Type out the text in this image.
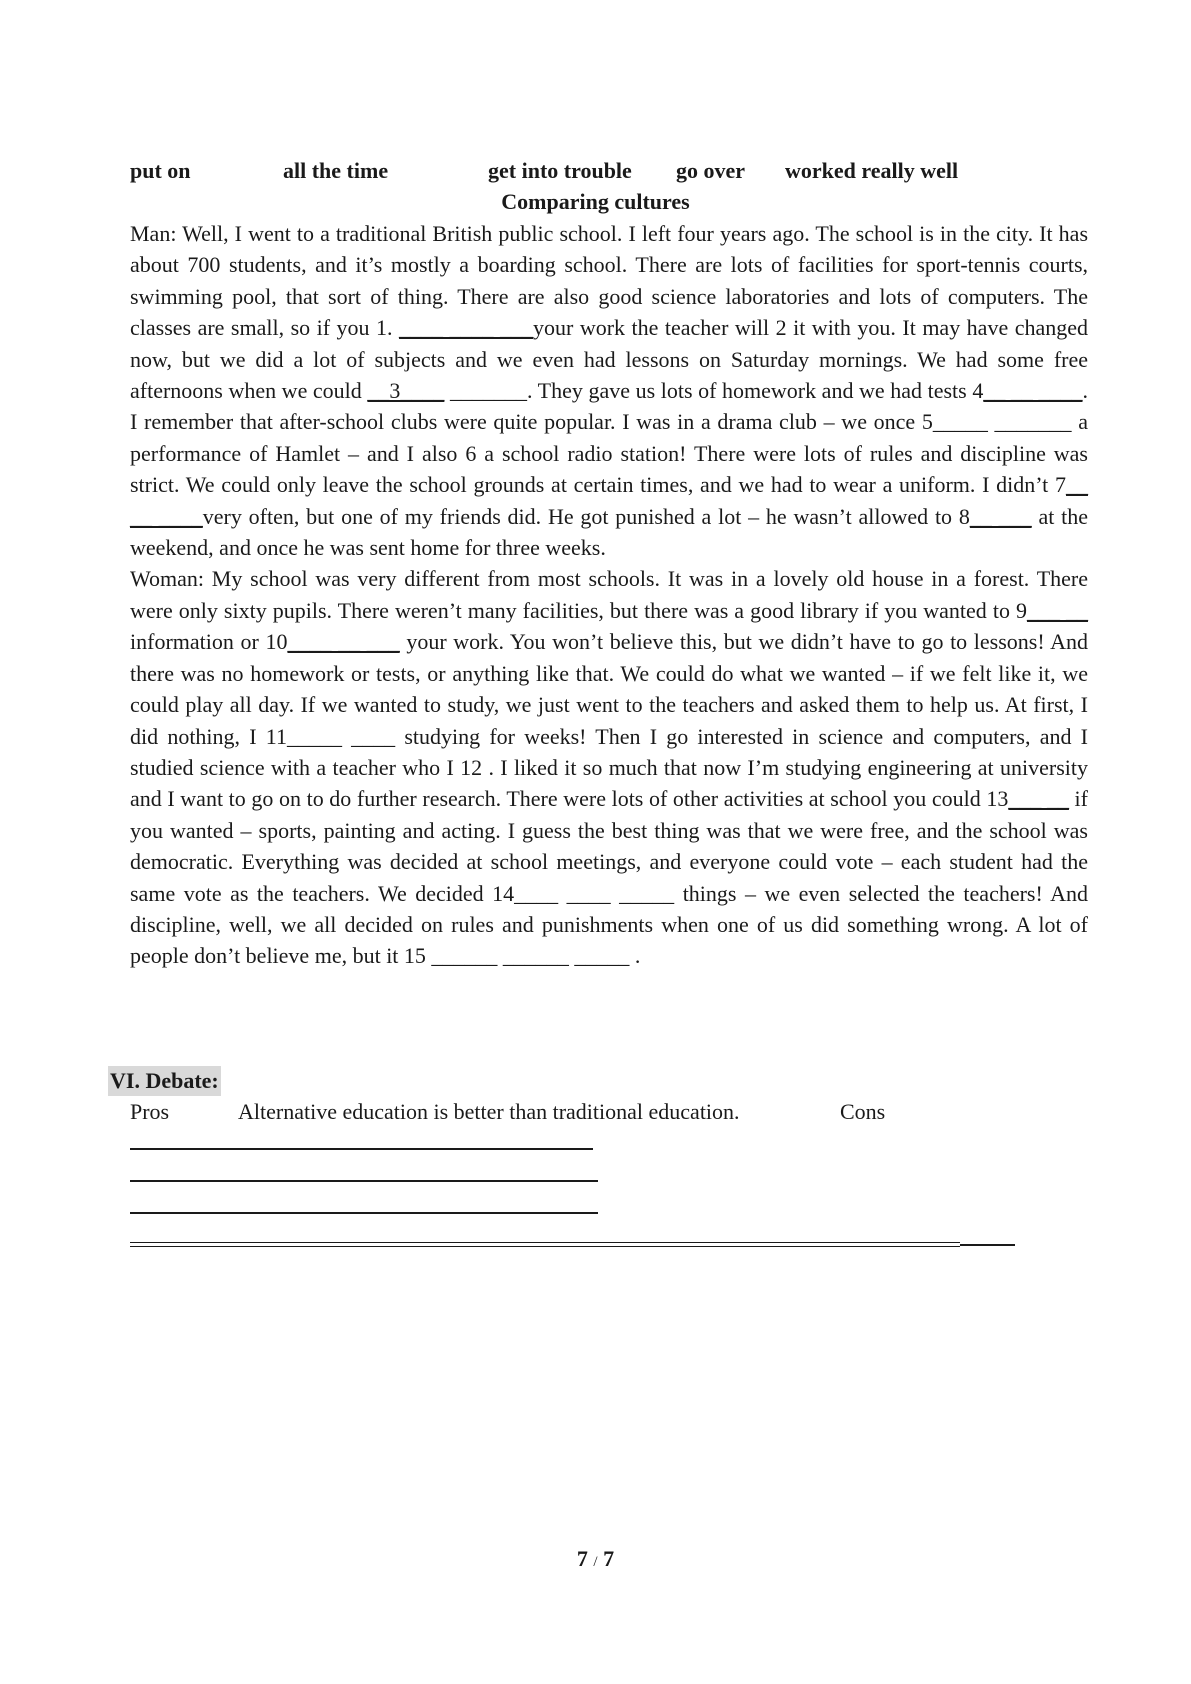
put on	all the time	get into trouble go over worked really well
Comparing cultures

Man: Well, I went to a traditional British public school. I left four years ago. The school is in the city. It has about 700 students, and it’s mostly a boarding school. There are lots of facilities for sport-tennis courts, swimming pool, that sort of thing. There are also good science laboratories and lots of computers. The classes are small, so if you 1. ____ ____ ___your work the teacher will 2 it with you. It may have changed now, but we did a lot of subjects and we even had lessons on Saturday mornings. We had some free afternoons when we could __3____ _______. They gave us lots of homework and we had tests 4__ __ ____. I remember that after-school clubs were quite popular. I was in a drama club – we once 5_____ _______ a performance of Hamlet – and I also 6 a school radio station! There were lots of rules and discipline was strict. We could only leave the school grounds at certain times, and we had to wear a uniform. I didn’t 7__ __ ____very often, but one of my friends did. He got punished a lot – he wasn’t allowed to 8__ ___ at the weekend, and once he was sent home for three weeks.

Woman: My school was very different from most schools. It was in a lovely old house in a forest. There were only sixty pupils. There weren’t many facilities, but there was a good library if you wanted to 9___ __ information or 10____ __ ___ your work. You won’t believe this, but we didn’t have to go to lessons! And there was no homework or tests, or anything like that. We could do what we wanted – if we felt like it, we could play all day. If we wanted to study, we just went to the teachers and asked them to help us. At first, I did nothing, I 11_____ ____ studying for weeks! Then I go interested in science and computers, and I studied science with a teacher who I 12 . I liked it so much that now I’m studying engineering at university and I want to go on to do further research. There were lots of other activities at school you could 13___ __ if you wanted – sports, painting and acting. I guess the best thing was that we were free, and the school was democratic. Everything was decided at school meetings, and everyone could vote – each student had the same vote as the teachers. We decided 14____ ____ _____ things – we even selected the teachers! And discipline, well, we all decided on rules and punishments when one of us did something wrong. A lot of people don’t believe me, but it 15 ______ ______ _____ .

VI. Debate:
Pros	Alternative education is better than traditional education.	Cons
7 / 7
